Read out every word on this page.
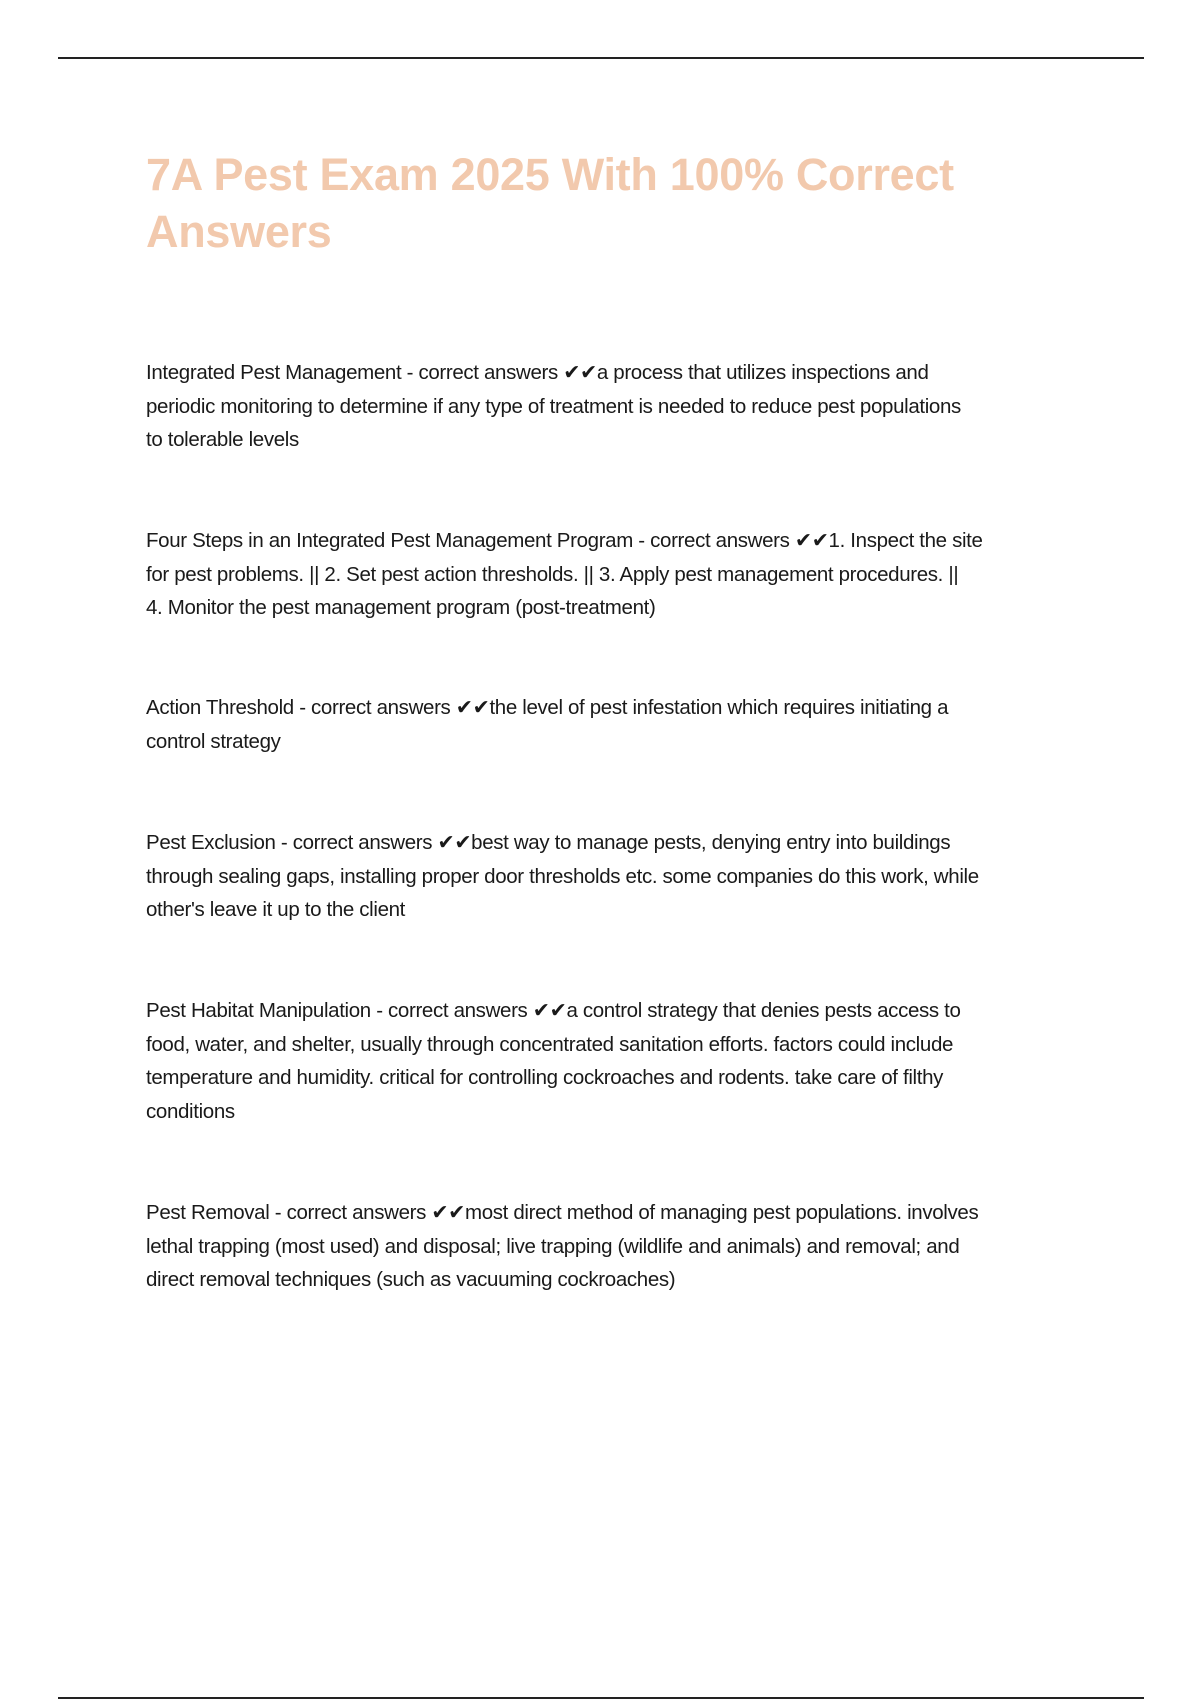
7A Pest Exam 2025 With 100% Correct Answers
Integrated Pest Management - correct answers ✔✔a process that utilizes inspections and
periodic monitoring to determine if any type of treatment is needed to reduce pest populations
to tolerable levels
Four Steps in an Integrated Pest Management Program - correct answers ✔✔1. Inspect the site
for pest problems. || 2. Set pest action thresholds. || 3. Apply pest management procedures. ||
4. Monitor the pest management program (post-treatment)
Action Threshold - correct answers ✔✔the level of pest infestation which requires initiating a
control strategy
Pest Exclusion - correct answers ✔✔best way to manage pests, denying entry into buildings
through sealing gaps, installing proper door thresholds etc. some companies do this work, while
other's leave it up to the client
Pest Habitat Manipulation - correct answers ✔✔a control strategy that denies pests access to
food, water, and shelter, usually through concentrated sanitation efforts. factors could include
temperature and humidity. critical for controlling cockroaches and rodents. take care of filthy
conditions
Pest Removal - correct answers ✔✔most direct method of managing pest populations. involves
lethal trapping (most used) and disposal; live trapping (wildlife and animals) and removal; and
direct removal techniques (such as vacuuming cockroaches)
